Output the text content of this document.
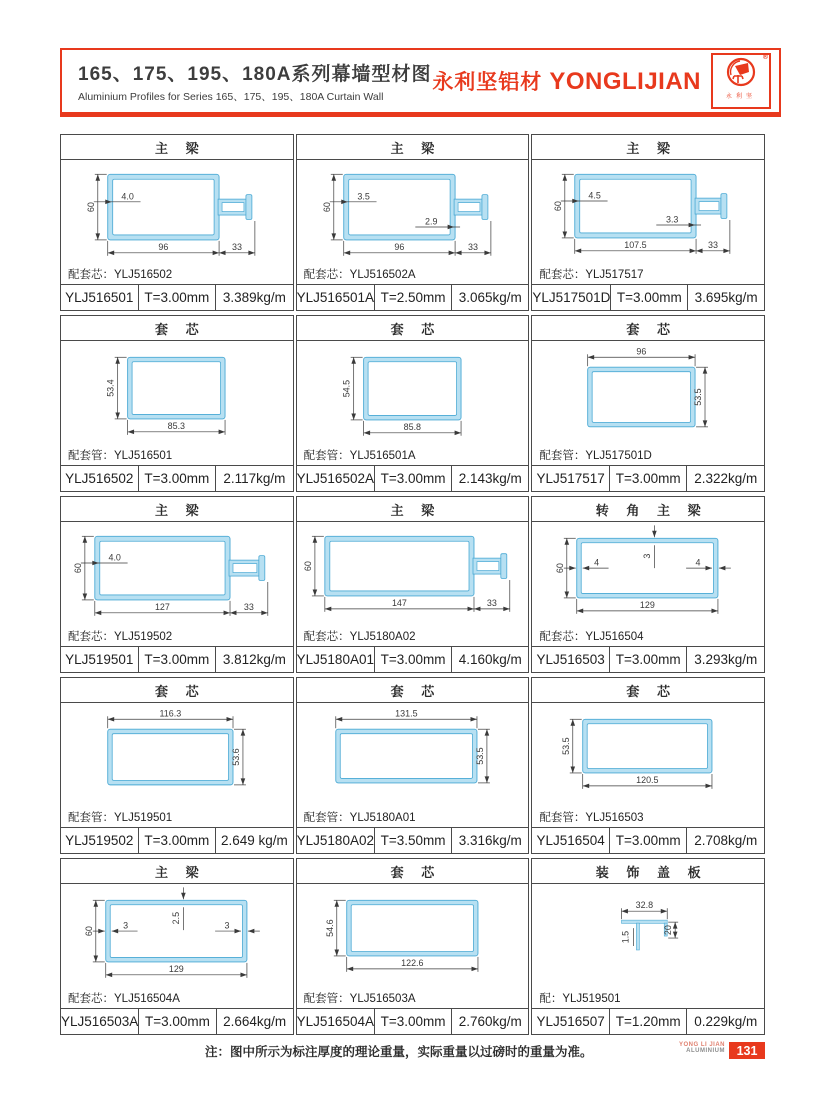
165、175、195、180A系列幕墙型材图
Aluminium Profiles for Series 165、175、195、180A Curtain Wall
永利坚铝材 YONGLIJIAN
®
永利坚
主 梁
60
4.0
96	33
配套芯：YLJ516502
YLJ516501 T=3.00mm	3.389kg/m
主 梁
60
3.5
2.9
96	33
配套芯：YLJ516502A
YLJ516501A T=2.50mm 3.065kg/m
主 梁
60
4.5
3.3
107.5	33
配套芯：YLJ517517
YLJ517501D T=3.00mm 3.695kg/m
套 芯
53.4
85.3
配套管：YLJ516501
YLJ516502 T=3.00mm	2.117kg/m
套 芯
54.5
85.8
配套管：YLJ516501A
YLJ516502A T=3.00mm 2.143kg/m
套 芯
96
53.5
配套管：YLJ517501D
YLJ517517 T=3.00mm	2.322kg/m
主 梁
60
4.0
127	33
配套芯：YLJ519502
YLJ519501 T=3.00mm	3.812kg/m
主 梁
60
147	33
配套芯：YLJ5180A02
YLJ5180A01 T=3.00mm 4.160kg/m
转 角 主 梁
60
129
4	4
3
配套芯：YLJ516504
YLJ516503 T=3.00mm	3.293kg/m
套 芯
116.3
53.6
配套管：YLJ519501
YLJ519502 T=3.00mm 2.649 kg/m
套 芯
131.5
53.5
配套管：YLJ5180A01
YLJ5180A02 T=3.50mm 3.316kg/m
套 芯
53.5
120.5
配套管：YLJ516503
YLJ516504 T=3.00mm	2.708kg/m
主 梁
60
129
3	3
2.5
配套芯：YLJ516504A
YLJ516503A T=3.00mm 2.664kg/m
套 芯
54.6
122.6
配套管：YLJ516503A
YLJ516504A T=3.00mm 2.760kg/m
装 饰 盖 板
32.8
1.5
20
配：YLJ519501
YLJ516507 T=1.20mm	0.229kg/m
注：图中所示为标注厚度的理论重量，实际重量以过磅时的重量为准。	YONG LI JIAN
ALUMINIUM 131
